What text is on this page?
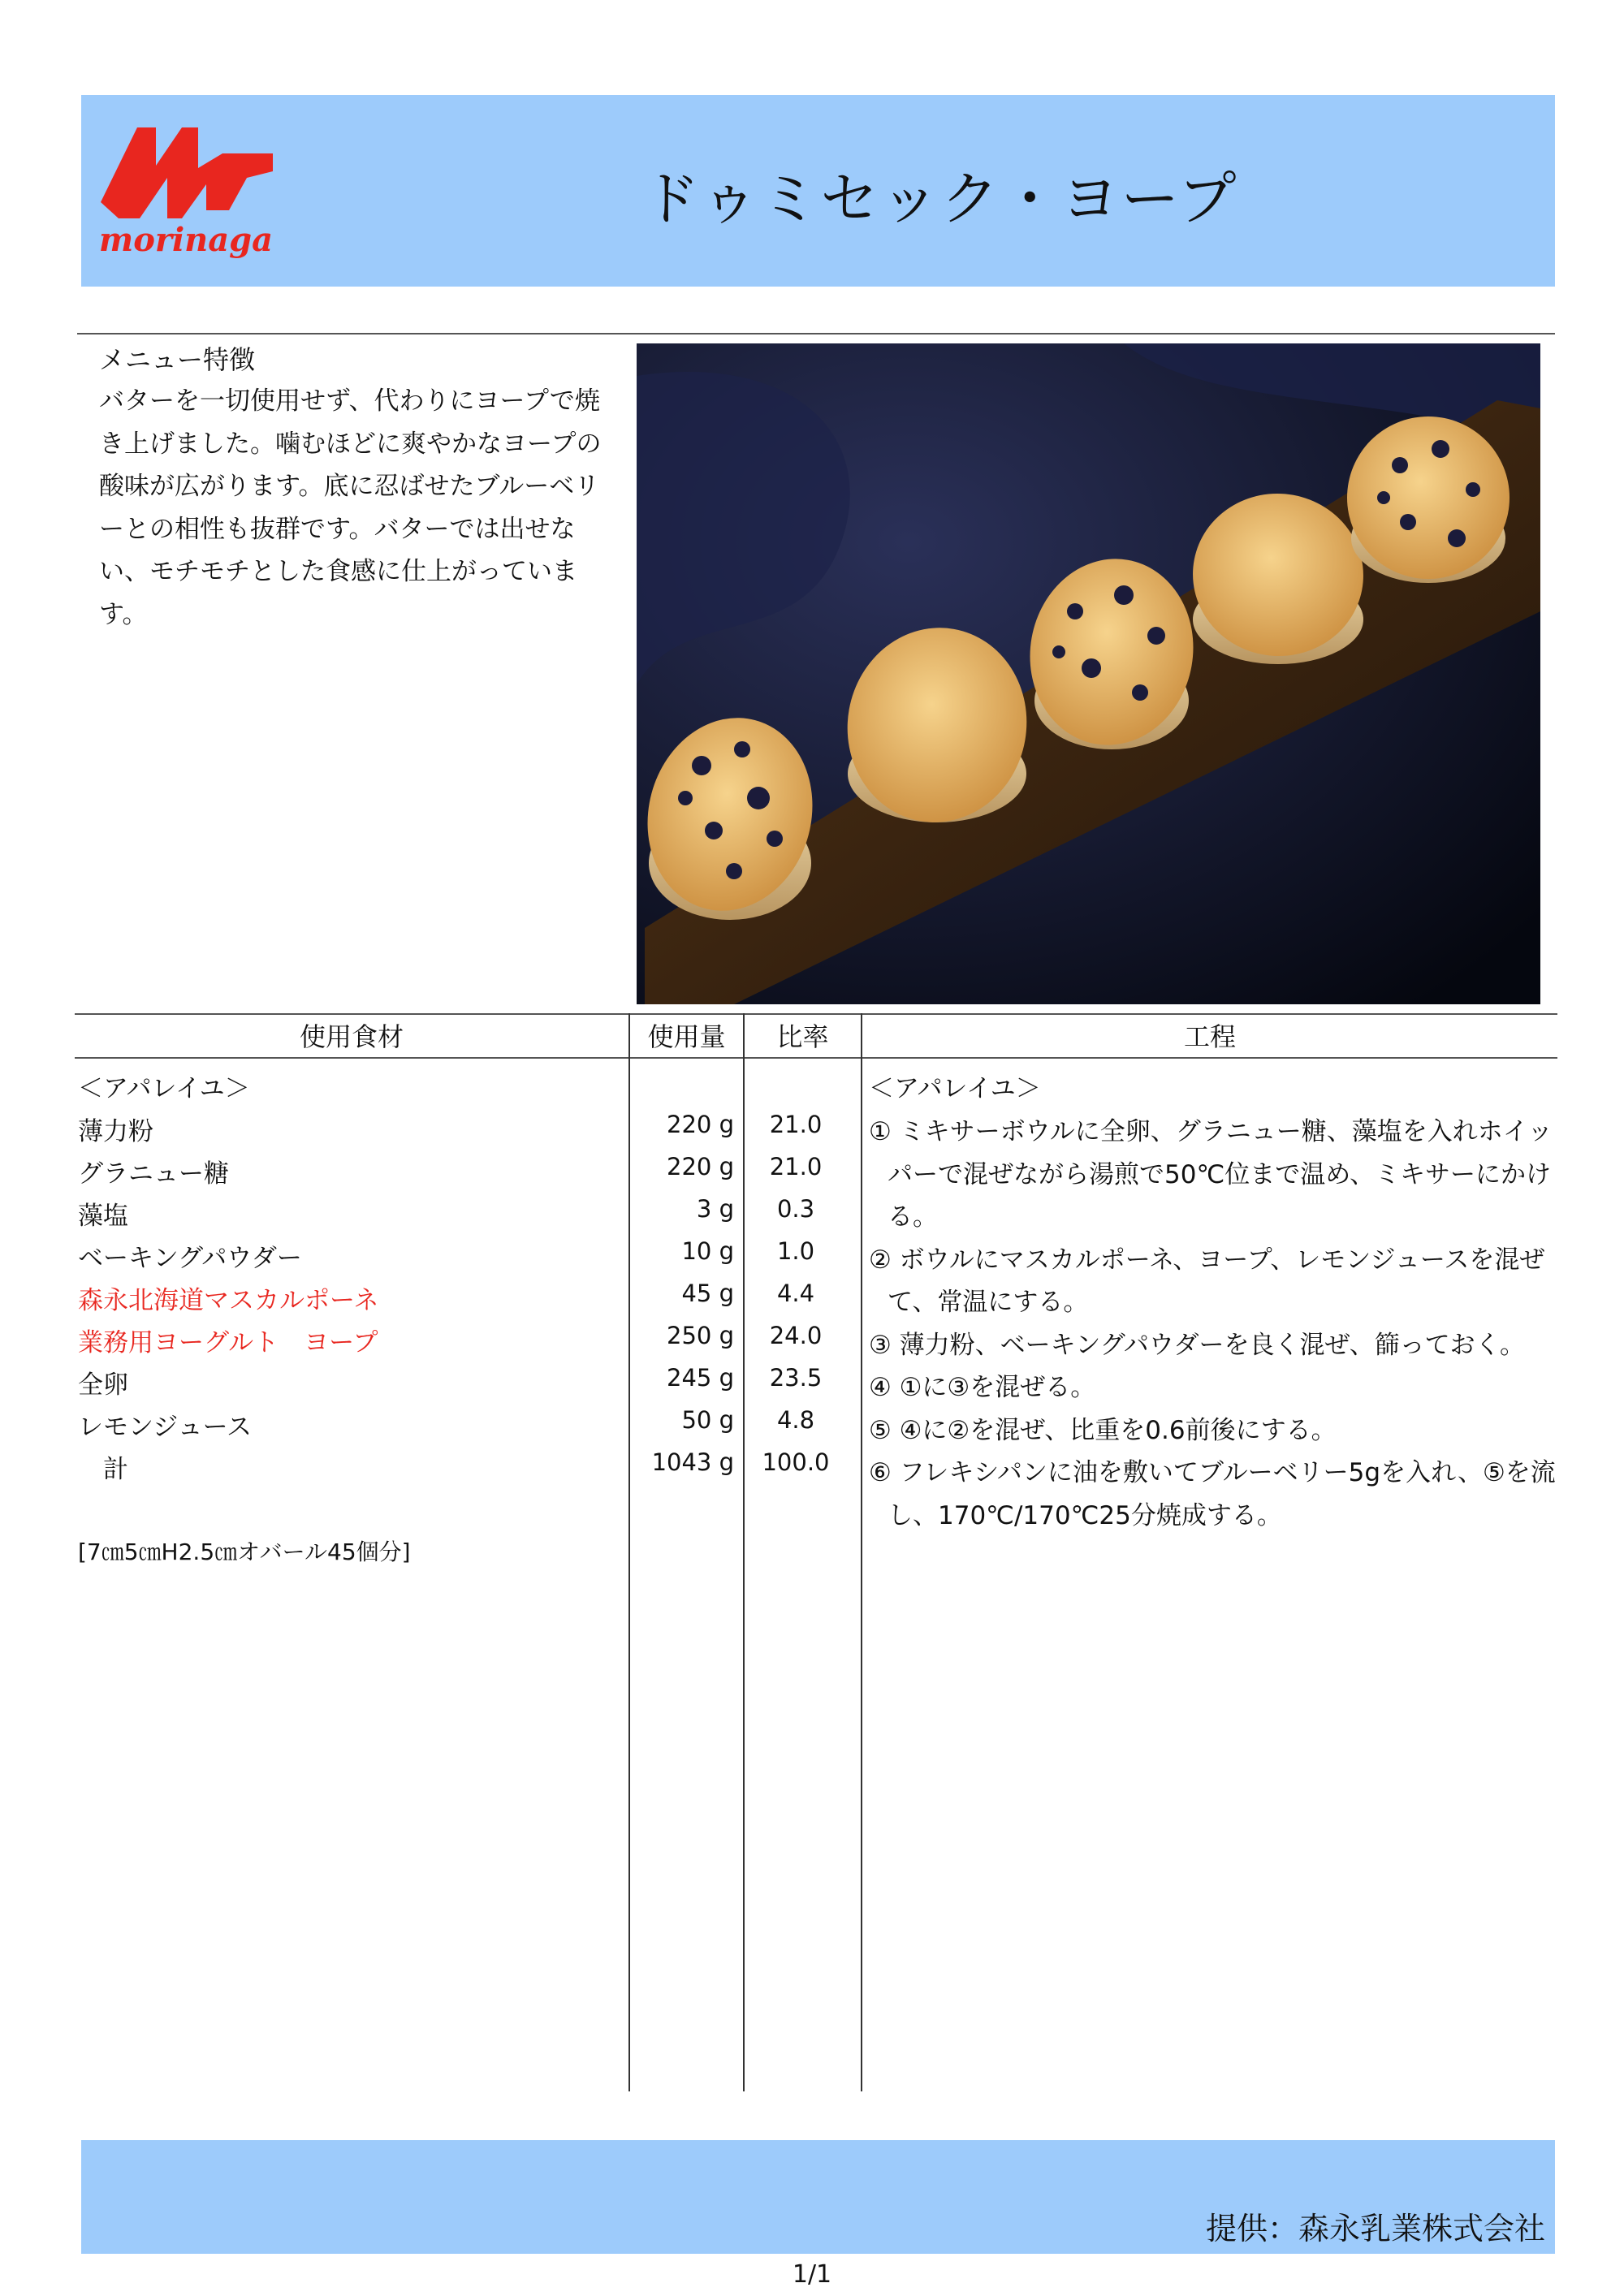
morinaga
ドゥミセック・ヨープ
メニュー特徴
バターを一切使用せず、代わりにヨープで焼き上げました。噛むほどに爽やかなヨープの酸味が広がります。底に忍ばせたブルーベリーとの相性も抜群です。バターでは出せない、モチモチとした食感に仕上がっています。
使用食材	使用量	比率	工程
＜アパレイユ＞
薄力粉	220 g	21.0
グラニュー糖	220 g	21.0
藻塩	3 g	0.3
ベーキングパウダー	10 g	1.0
森永北海道マスカルポーネ	45 g	4.4
業務用ヨーグルト　ヨープ	250 g	24.0
全卵	245 g	23.5
レモンジュース	50 g	4.8
　計	1043 g	100.0
[7㎝5㎝H2.5㎝オバール45個分]
＜アパレイユ＞
① ミキサーボウルに全卵、グラニュー糖、藻塩を入れホイッパーで混ぜながら湯煎で50℃位まで温め、ミキサーにかける。
② ボウルにマスカルポーネ、ヨープ、レモンジュースを混ぜて、常温にする。
③ 薄力粉、ベーキングパウダーを良く混ぜ、篩っておく。
④ ①に③を混ぜる。
⑤ ④に②を混ぜ、比重を0.6前後にする。
⑥ フレキシパンに油を敷いてブルーベリー5gを入れ、⑤を流し、170℃/170℃25分焼成する。
提供：森永乳業株式会社
1/1
